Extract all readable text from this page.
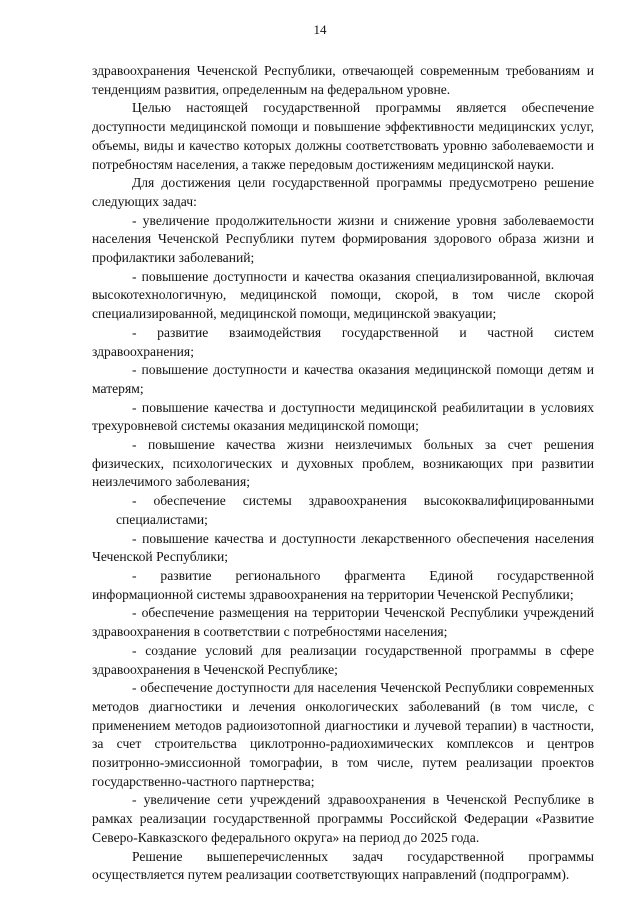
14

здравоохранения Чеченской Республики, отвечающей современным требованиям и тенденциям развития, определенным на федеральном уровне.

Целью настоящей государственной программы является обеспечение доступности медицинской помощи и повышение эффективности медицинских услуг, объемы, виды и качество которых должны соответствовать уровню заболеваемости и потребностям населения, а также передовым достижениям медицинской науки.

Для достижения цели государственной программы предусмотрено решение следующих задач:

- увеличение продолжительности жизни и снижение уровня заболеваемости населения Чеченской Республики путем формирования здорового образа жизни и профилактики заболеваний;

- повышение доступности и качества оказания специализированной, включая высокотехнологичную, медицинской помощи, скорой, в том числе скорой специализированной, медицинской помощи, медицинской эвакуации;

- развитие взаимодействия государственной и частной систем здравоохранения;

- повышение доступности и качества оказания медицинской помощи детям и матерям;

- повышение качества и доступности медицинской реабилитации в условиях трехуровневой системы оказания медицинской помощи;

- повышение качества жизни неизлечимых больных за счет решения физических, психологических и духовных проблем, возникающих при развитии неизлечимого заболевания;

- обеспечение системы здравоохранения высококвалифицированными специалистами;

- повышение качества и доступности лекарственного обеспечения населения Чеченской Республики;

- развитие регионального фрагмента Единой государственной информационной системы здравоохранения на территории Чеченской Республики;

- обеспечение размещения на территории Чеченской Республики учреждений здравоохранения в соответствии с потребностями населения;

- создание условий для реализации государственной программы в сфере здравоохранения в Чеченской Республике;

- обеспечение доступности для населения Чеченской Республики современных методов диагностики и лечения онкологических заболеваний (в том числе, с применением методов радиоизотопной диагностики и лучевой терапии) в частности, за счет строительства циклотронно-радиохимических комплексов и центров позитронно-эмиссионной томографии, в том числе, путем реализации проектов государственно-частного партнерства;

- увеличение сети учреждений здравоохранения в Чеченской Республике в рамках реализации государственной программы Российской Федерации «Развитие Северо-Кавказского федерального округа» на период до 2025 года.

Решение вышеперечисленных задач государственной программы осуществляется путем реализации соответствующих направлений (подпрограмм).
